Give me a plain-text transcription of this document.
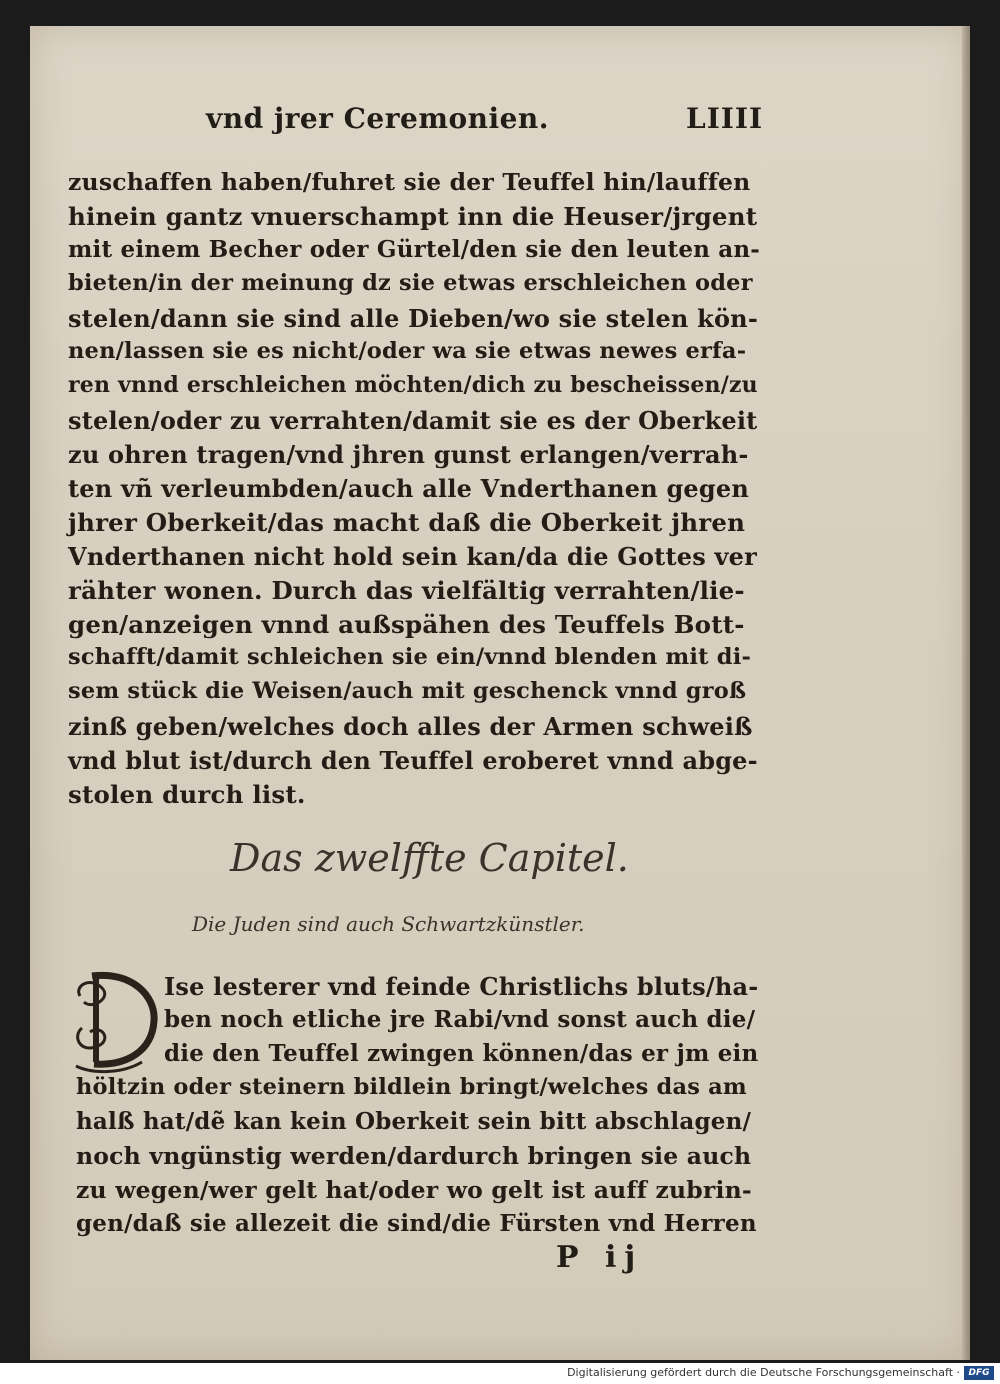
vnd jrer Ceremonien.	LIIII
zuschaffen haben/fuhret sie der Teuffel hin/lauffen
hinein gantz vnuerschampt inn die Heuser/jrgent
mit einem Becher oder Gürtel/den sie den leuten an-
bieten/in der meinung dz sie etwas erschleichen oder
stelen/dann sie sind alle Dieben/wo sie stelen kön-
nen/lassen sie es nicht/oder wa sie etwas newes erfa-
ren vnnd erschleichen möchten/dich zu bescheissen/zu
stelen/oder zu verrahten/damit sie es der Oberkeit
zu ohren tragen/vnd jhren gunst erlangen/verrah-
ten vñ verleumbden/auch alle Vnderthanen gegen
jhrer Oberkeit/das macht daß die Oberkeit jhren
Vnderthanen nicht hold sein kan/da die Gottes ver
rähter wonen. Durch das vielfältig verrahten/lie-
gen/anzeigen vnnd außspähen des Teuffels Bott-
schafft/damit schleichen sie ein/vnnd blenden mit di-
sem stück die Weisen/auch mit geschenck vnnd groß
zinß geben/welches doch alles der Armen schweiß
vnd blut ist/durch den Teuffel eroberet vnnd abge-
stolen durch list.
Das zwelffte Capitel.
Die Juden sind auch Schwartzkünstler.
Ise lesterer vnd feinde Christlichs bluts/ha-
ben noch etliche jre Rabi/vnd sonst auch die/
die den Teuffel zwingen können/das er jm ein
höltzin oder steinern bildlein bringt/welches das am
halß hat/dẽ kan kein Oberkeit sein bitt abschlagen/
noch vngünstig werden/dardurch bringen sie auch
zu wegen/wer gelt hat/oder wo gelt ist auff zubrin-
gen/daß sie allezeit die sind/die Fürsten vnd Herren
P ij
Digitalisierung gefördert durch die Deutsche Forschungsgemeinschaft · DFG
